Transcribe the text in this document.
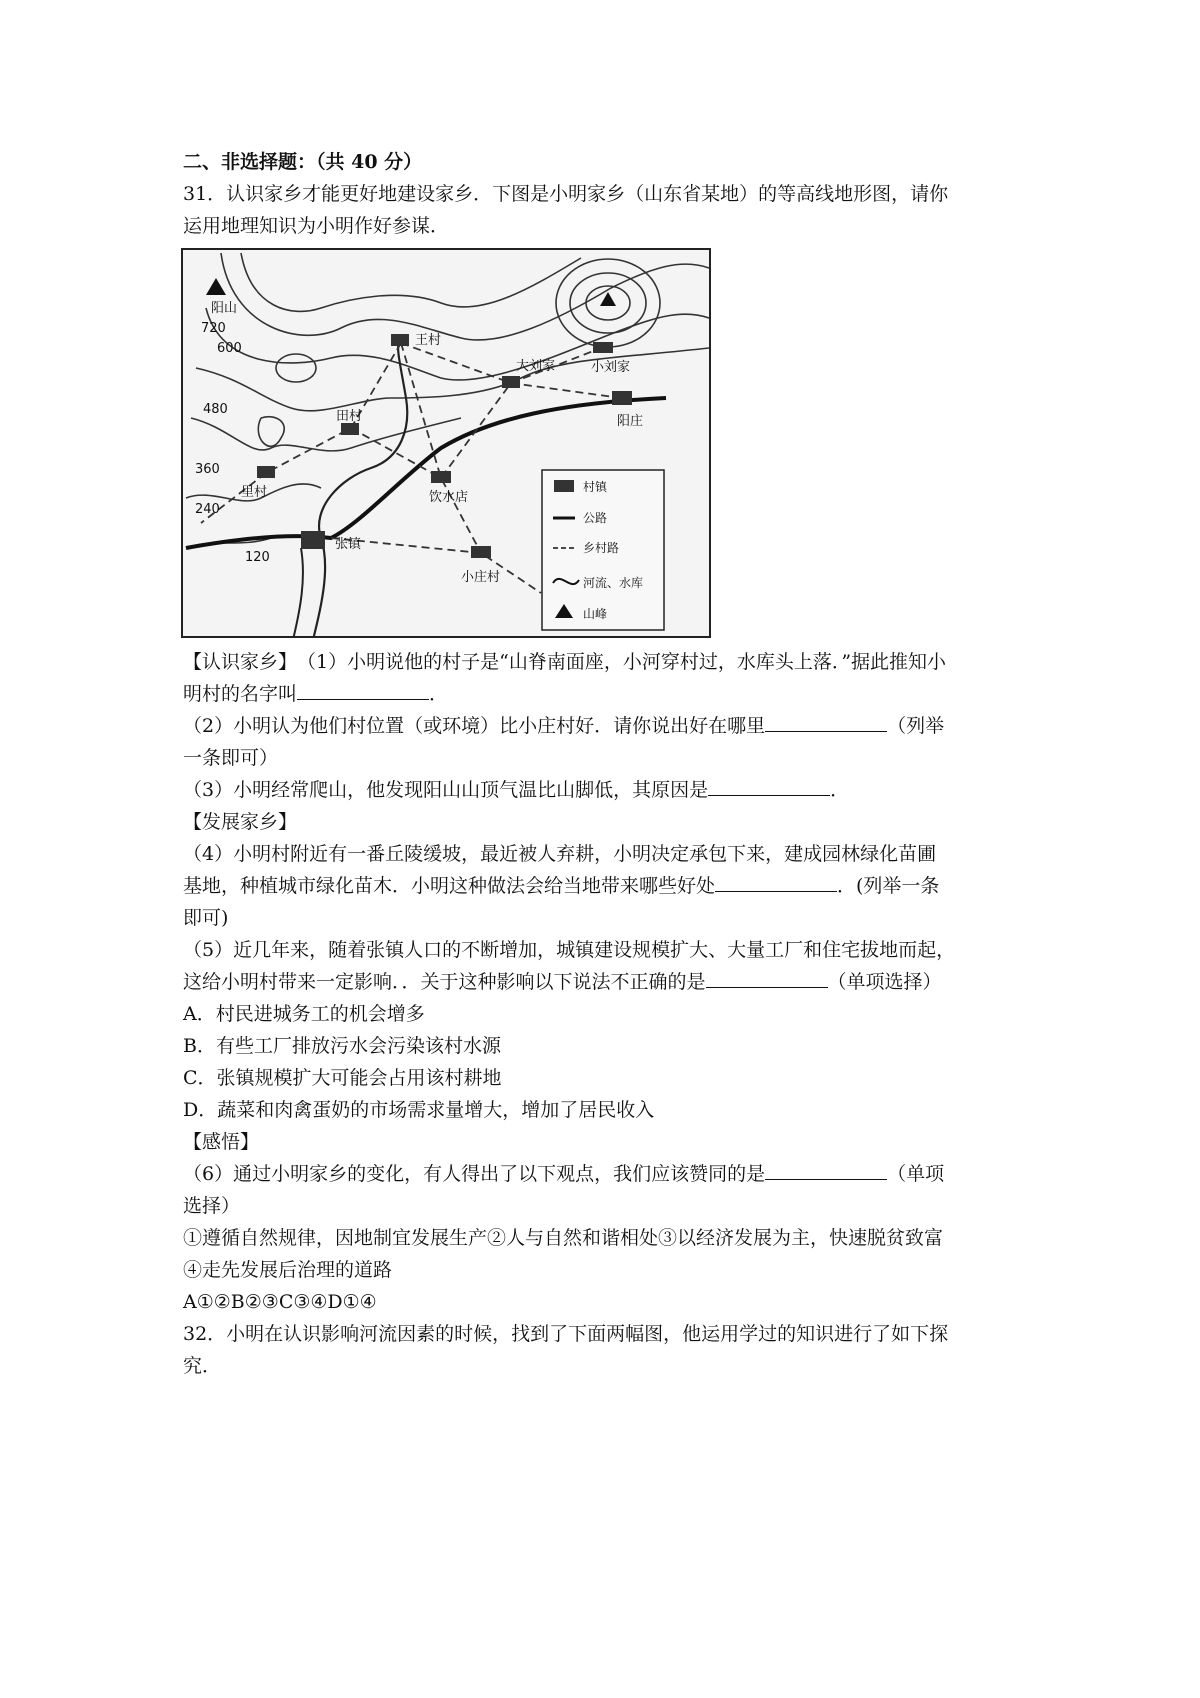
二、非选择题：（共 40 分）
31．认识家乡才能更好地建设家乡．下图是小明家乡（山东省某地）的等高线地形图，请你
运用地理知识为小明作好参谋．
阳山
720
600
480
360
240
120
王村
大刘家	小刘家
阳庄
田村
里村
张镇
饮水店
小庄村
村镇
公路
乡村路
河流、水库
山峰
【认识家乡】（1）小明说他的村子是“山脊南面座，小河穿村过，水库头上落．”据此推知小
明村的名字叫	．
（2）小明认为他们村位置（或环境）比小庄村好．请你说出好在哪里	（列举
一条即可）
（3）小明经常爬山，他发现阳山山顶气温比山脚低，其原因是	．
【发展家乡】
（4）小明村附近有一番丘陵缓坡，最近被人弃耕，小明决定承包下来，建成园林绿化苗圃
基地，种植城市绿化苗木．小明这种做法会给当地带来哪些好处	．(列举一条
即可)
（5）近几年来，随着张镇人口的不断增加，城镇建设规模扩大、大量工厂和住宅拔地而起，
这给小明村带来一定影响．．关于这种影响以下说法不正确的是	（单项选择）
A．村民进城务工的机会增多
B．有些工厂排放污水会污染该村水源
C．张镇规模扩大可能会占用该村耕地
D．蔬菜和肉禽蛋奶的市场需求量增大，增加了居民收入
【感悟】
（6）通过小明家乡的变化，有人得出了以下观点，我们应该赞同的是	（单项
选择）
①遵循自然规律，因地制宜发展生产②人与自然和谐相处③以经济发展为主，快速脱贫致富
④走先发展后治理的道路
A①②B②③C③④D①④
32．小明在认识影响河流因素的时候，找到了下面两幅图，他运用学过的知识进行了如下探
究．
